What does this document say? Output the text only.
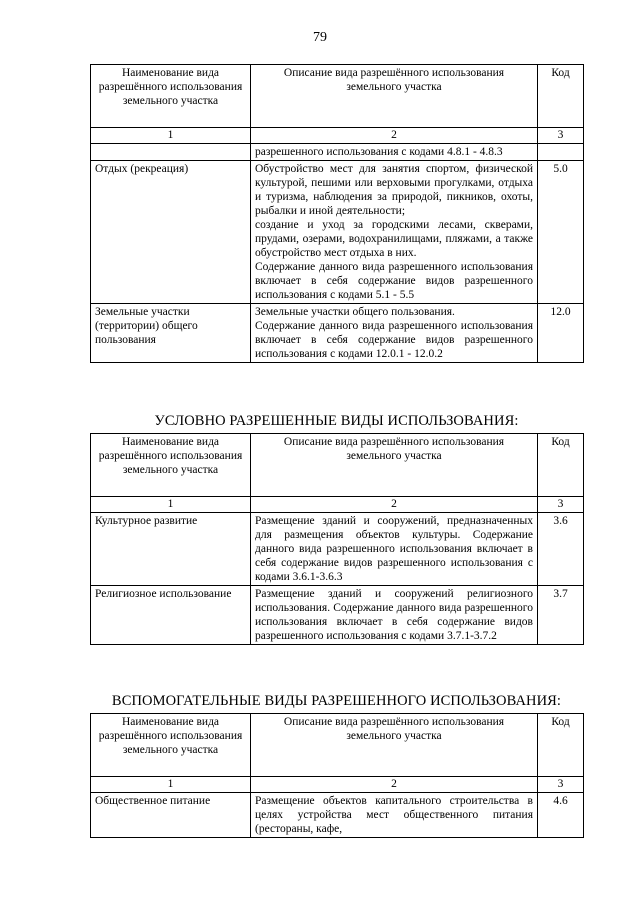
79
Наименование вида разрешённого использования земельного участка	Описание вида разрешённого использования земельного участка	Код
1	2	3
	разрешенного использования с кодами 4.8.1 - 4.8.3	
Отдых (рекреация)	Обустройство мест для занятия спортом, физической культурой, пешими или верховыми прогулками, отдыха и туризма, наблюдения за природой, пикников, охоты, рыбалки и иной деятельности;
создание и уход за городскими лесами, скверами, прудами, озерами, водохранилищами, пляжами, а также обустройство мест отдыха в них.
Содержание данного вида разрешенного использования включает в себя содержание видов разрешенного использования с кодами 5.1 - 5.5	5.0
Земельные участки (территории) общего пользования	Земельные участки общего пользования.
Содержание данного вида разрешенного использования включает в себя содержание видов разрешенного использования с кодами 12.0.1 - 12.0.2	12.0
УСЛОВНО РАЗРЕШЕННЫЕ ВИДЫ ИСПОЛЬЗОВАНИЯ:
Наименование вида разрешённого использования земельного участка	Описание вида разрешённого использования земельного участка	Код
1	2	3
Культурное развитие	Размещение зданий и сооружений, предназначенных для размещения объектов культуры. Содержание данного вида разрешенного использования включает в себя содержание видов разрешенного использования с кодами 3.6.1-3.6.3	3.6
Религиозное использование	Размещение зданий и сооружений религиозного использования. Содержание данного вида разрешенного использования включает в себя содержание видов разрешенного использования с кодами 3.7.1-3.7.2	3.7
ВСПОМОГАТЕЛЬНЫЕ ВИДЫ РАЗРЕШЕННОГО ИСПОЛЬЗОВАНИЯ:
Наименование вида разрешённого использования земельного участка	Описание вида разрешённого использования земельного участка	Код
1	2	3
Общественное питание	Размещение объектов капитального строительства в целях устройства мест общественного питания (рестораны, кафе,	4.6
